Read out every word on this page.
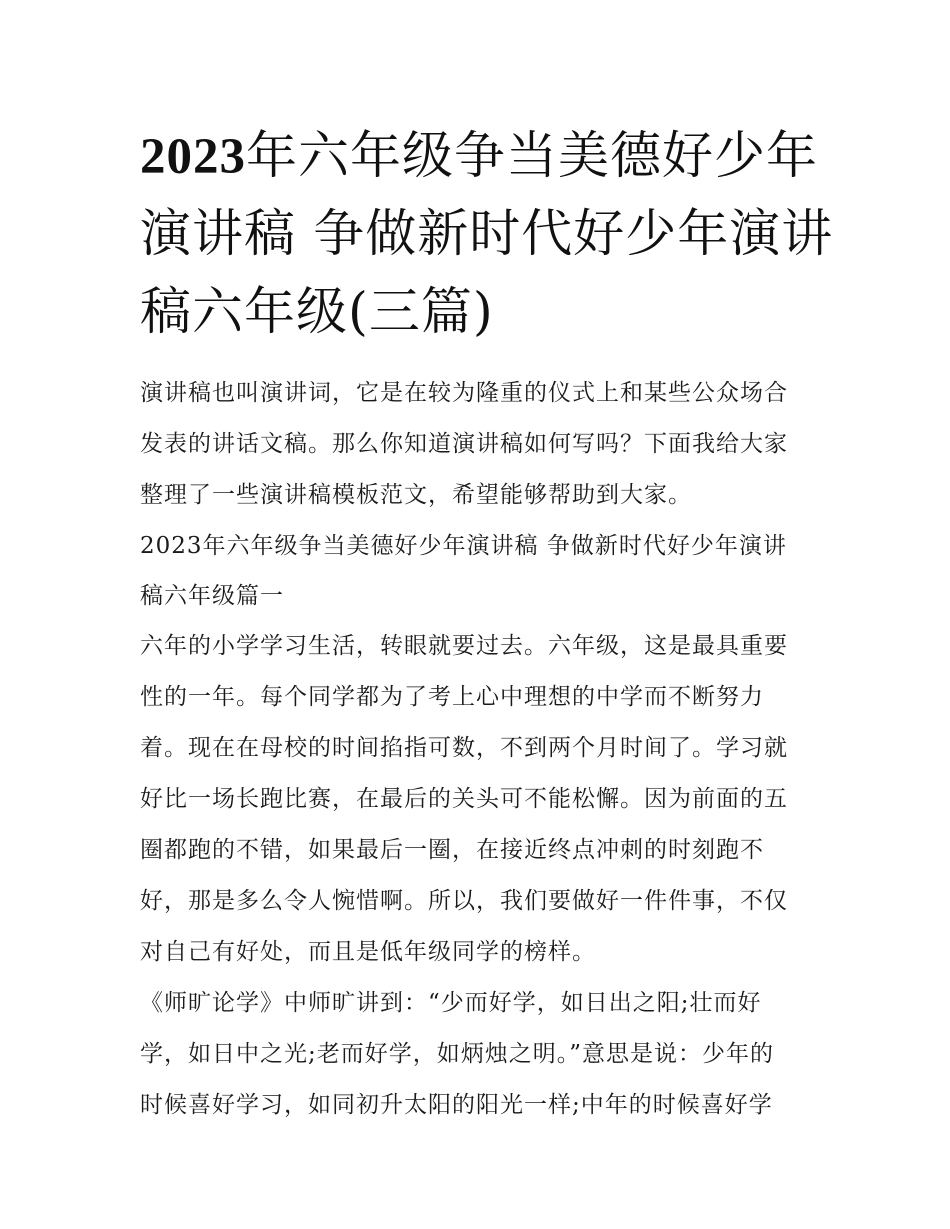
2023年六年级争当美德好少年
演讲稿 争做新时代好少年演讲
稿六年级(三篇)

演讲稿也叫演讲词，它是在较为隆重的仪式上和某些公众场合
发表的讲话文稿。那么你知道演讲稿如何写吗？下面我给大家
整理了一些演讲稿模板范文，希望能够帮助到大家。

2023年六年级争当美德好少年演讲稿 争做新时代好少年演讲
稿六年级篇一

六年的小学学习生活，转眼就要过去。六年级，这是最具重要
性的一年。每个同学都为了考上心中理想的中学而不断努力
着。现在在母校的时间掐指可数，不到两个月时间了。学习就
好比一场长跑比赛，在最后的关头可不能松懈。因为前面的五
圈都跑的不错，如果最后一圈，在接近终点冲刺的时刻跑不
好，那是多么令人惋惜啊。所以，我们要做好一件件事，不仅
对自己有好处，而且是低年级同学的榜样。

《师旷论学》中师旷讲到：“少而好学，如日出之阳;壮而好
学，如日中之光;老而好学，如炳烛之明。”意思是说：少年的
时候喜好学习，如同初升太阳的阳光一样;中年的时候喜好学
